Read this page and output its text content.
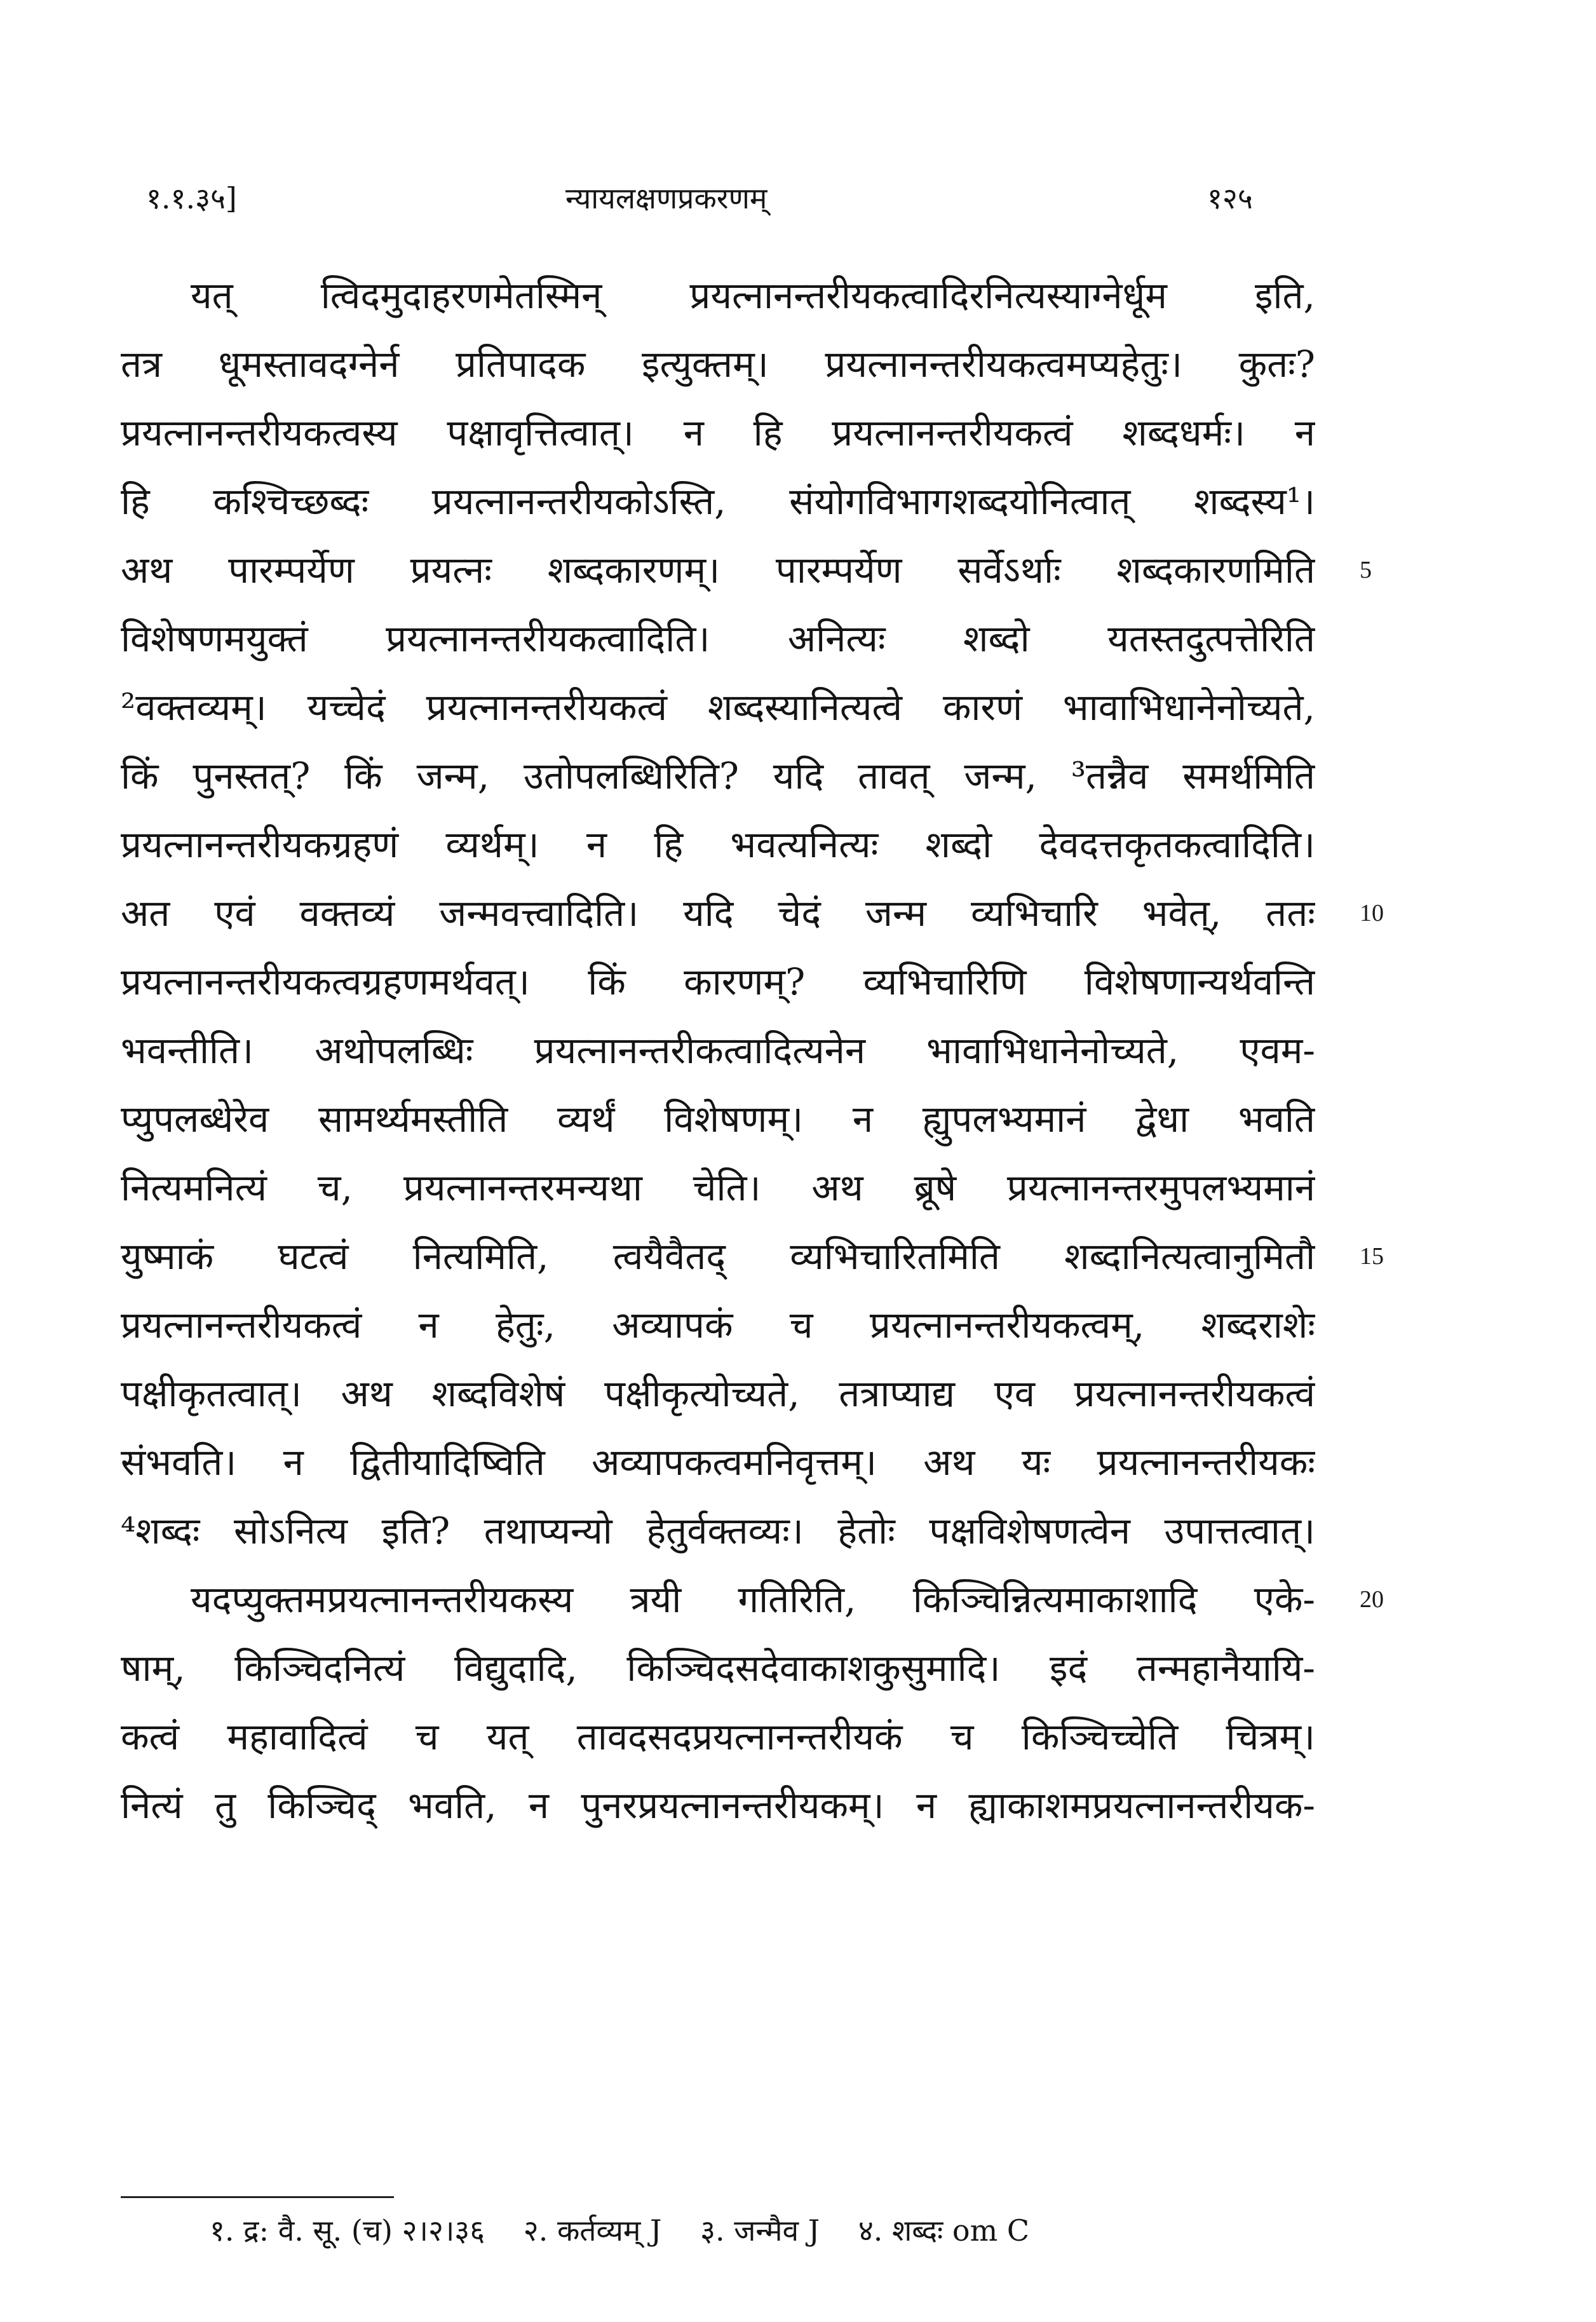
१.१.३५]	न्यायलक्षणप्रकरणम्	१२५
यत् त्विदमुदाहरणमेतस्मिन् प्रयत्नानन्तरीयकत्वादिरनित्यस्याग्नेर्धूम इति,
तत्र धूमस्तावदग्नेर्न प्रतिपादक इत्युक्तम्। प्रयत्नानन्तरीयकत्वमप्यहेतुः। कुतः?
प्रयत्नानन्तरीयकत्वस्य पक्षावृत्तित्वात्। न हि प्रयत्नानन्तरीयकत्वं शब्दधर्मः। न
हि कश्चिच्छब्दः प्रयत्नानन्तरीयकोऽस्ति, संयोगविभागशब्दयोनित्वात् शब्दस्य¹।
अथ पारम्पर्येण प्रयत्नः शब्दकारणम्। पारम्पर्येण सर्वेऽर्थाः शब्दकारणमिति
विशेषणमयुक्तं प्रयत्नानन्तरीयकत्वादिति। अनित्यः शब्दो यतस्तदुत्पत्तेरिति
²वक्तव्यम्। यच्चेदं प्रयत्नानन्तरीयकत्वं शब्दस्यानित्यत्वे कारणं भावाभिधानेनोच्यते,
किं पुनस्तत्? किं जन्म, उतोपलब्धिरिति? यदि तावत् जन्म, ³तन्नैव समर्थमिति
प्रयत्नानन्तरीयकग्रहणं व्यर्थम्। न हि भवत्यनित्यः शब्दो देवदत्तकृतकत्वादिति।
अत एवं वक्तव्यं जन्मवत्त्वादिति। यदि चेदं जन्म व्यभिचारि भवेत्, ततः
प्रयत्नानन्तरीयकत्वग्रहणमर्थवत्। किं कारणम्? व्यभिचारिणि विशेषणान्यर्थवन्ति
भवन्तीति। अथोपलब्धिः प्रयत्नानन्तरीकत्वादित्यनेन भावाभिधानेनोच्यते, एवम-
प्युपलब्धेरेव सामर्थ्यमस्तीति व्यर्थं विशेषणम्। न ह्युपलभ्यमानं द्वेधा भवति
नित्यमनित्यं च, प्रयत्नानन्तरमन्यथा चेति। अथ ब्रूषे प्रयत्नानन्तरमुपलभ्यमानं
युष्माकं घटत्वं नित्यमिति, त्वयैवैतद् व्यभिचारितमिति शब्दानित्यत्वानुमितौ
प्रयत्नानन्तरीयकत्वं न हेतुः, अव्यापकं च प्रयत्नानन्तरीयकत्वम्, शब्दराशेः
पक्षीकृतत्वात्। अथ शब्दविशेषं पक्षीकृत्योच्यते, तत्राप्याद्य एव प्रयत्नानन्तरीयकत्वं
संभवति। न द्वितीयादिष्विति अव्यापकत्वमनिवृत्तम्। अथ यः प्रयत्नानन्तरीयकः
⁴शब्दः सोऽनित्य इति? तथाप्यन्यो हेतुर्वक्तव्यः। हेतोः पक्षविशेषणत्वेन उपात्तत्वात्।
यदप्युक्तमप्रयत्नानन्तरीयकस्य त्रयी गतिरिति, किञ्चिन्नित्यमाकाशादि एके-
षाम्, किञ्चिदनित्यं विद्युदादि, किञ्चिदसदेवाकाशकुसुमादि। इदं तन्महानैयायि-
कत्वं महावादित्वं च यत् तावदसदप्रयत्नानन्तरीयकं च किञ्चिच्चेति चित्रम्।
नित्यं तु किञ्चिद् भवति, न पुनरप्रयत्नानन्तरीयकम्। न ह्याकाशमप्रयत्नानन्तरीयक-
5
10
15
20
१. द्र: वै. सू. (च) २।२।३६ २. कर्तव्यम् J ३. जन्मैव J ४. शब्दः om C
